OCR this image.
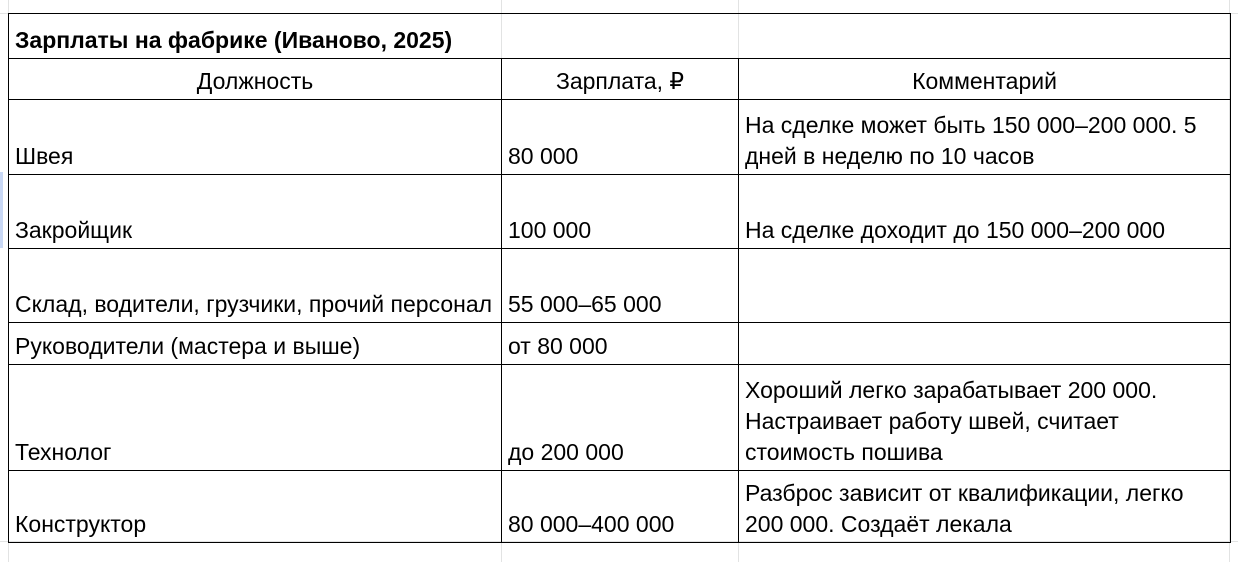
Зарплаты на фабрике (Иваново, 2025)		
Должность	Зарплата, ₽	Комментарий
Швея	80 000	На сделке может быть 150 000–200 000. 5 дней в неделю по 10 часов
Закройщик	100 000	На сделке доходит до 150 000–200 000
Склад, водители, грузчики, прочий персонал	55 000–65 000	
Руководители (мастера и выше)	от 80 000	
Технолог	до 200 000	Хороший легко зарабатывает 200 000. Настраивает работу швей, считает стоимость пошива
Конструктор	80 000–400 000	Разброс зависит от квалификации, легко 200 000. Создаёт лекала
